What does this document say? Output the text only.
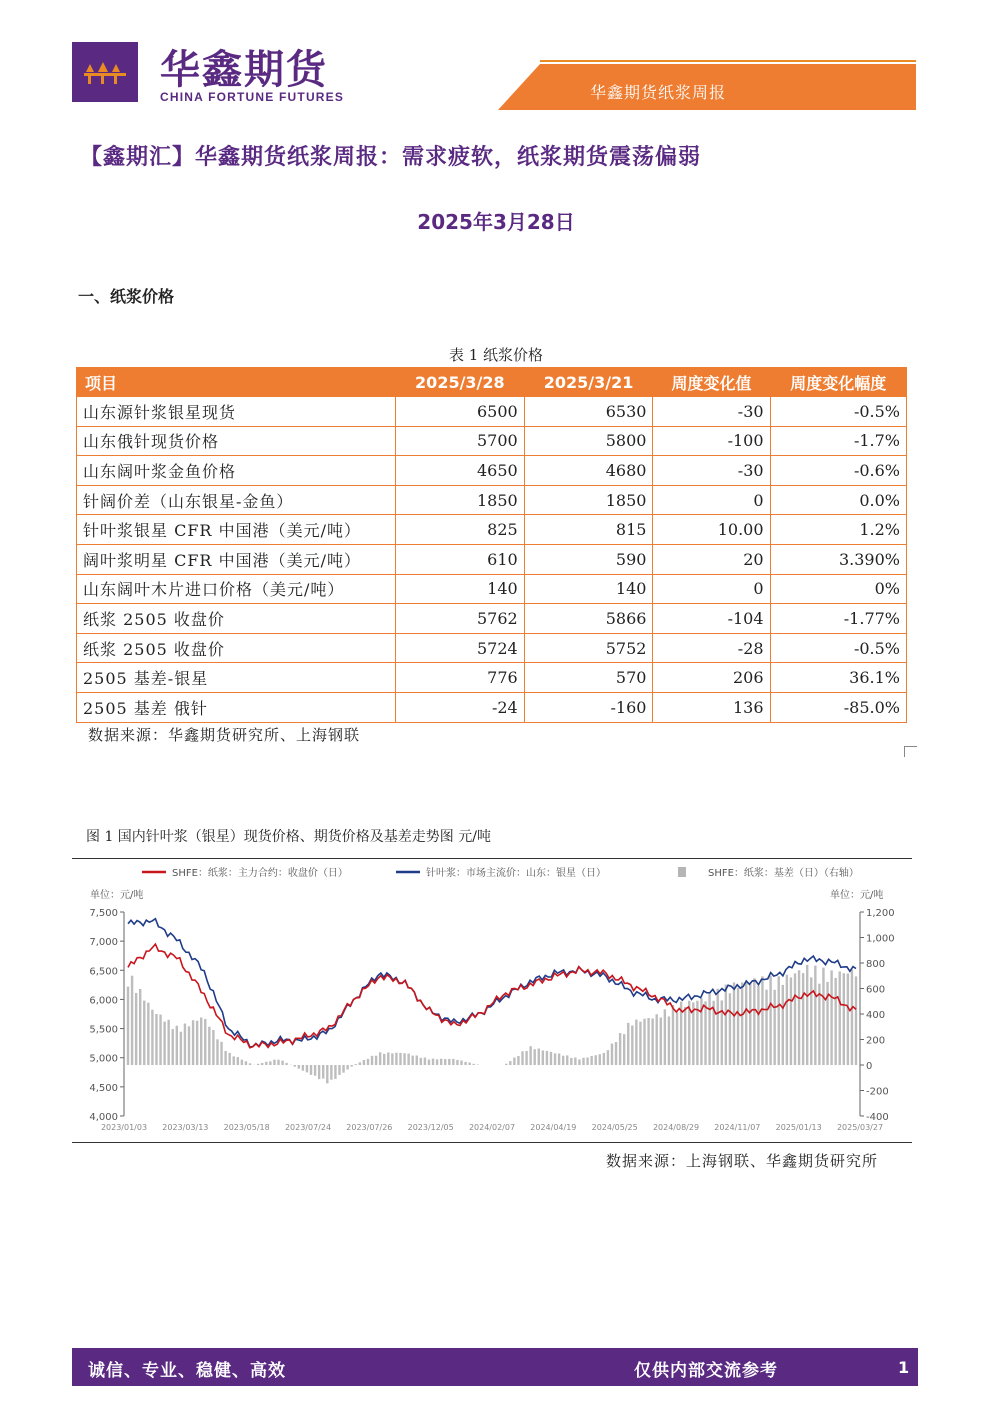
华鑫期货
CHINA FORTUNE FUTURES	华鑫期货纸浆周报
【鑫期汇】华鑫期货纸浆周报：需求疲软，纸浆期货震荡偏弱
2025年3月28日
一、纸浆价格
表 1 纸浆价格
项目	2025/3/28	2025/3/21	周度变化值	周度变化幅度
山东源针浆银星现货	6500	6530	-30	-0.5%
山东俄针现货价格	5700	5800	-100	-1.7%
山东阔叶浆金鱼价格	4650	4680	-30	-0.6%
针阔价差（山东银星-金鱼）	1850	1850	0	0.0%
针叶浆银星 CFR 中国港（美元/吨）	825	815	10.00	1.2%
阔叶浆明星 CFR 中国港（美元/吨）	610	590	20	3.390%
山东阔叶木片进口价格（美元/吨）	140	140	0	0%
纸浆 2505 收盘价	5762	5866	-104	-1.77%
纸浆 2505 收盘价	5724	5752	-28	-0.5%
2505 基差-银星	776	570	206	36.1%
2505 基差 俄针	-24	-160	136	-85.0%
数据来源：华鑫期货研究所、上海钢联
图 1 国内针叶浆（银星）现货价格、期货价格及基差走势图 元/吨
SHFE：纸浆：主力合约：收盘价（日）	针叶浆：市场主流价：山东：银星（日）	SHFE：纸浆：基差（日）（右轴）
单位：元/吨	单位：元/吨
7,500
7,000
6,500
6,000
5,500
5,000
4,500
4,000
1,200
1,000
800
600
400
200
0
-200
-400
2023/01/03 2023/03/13 2023/05/18 2023/07/24 2023/07/26 2023/12/05 2024/02/07 2024/04/19 2024/05/25 2024/08/29 2024/11/07 2025/01/13 2025/03/27
数据来源：上海钢联、华鑫期货研究所
诚信、专业、稳健、高效	仅供内部交流参考	1
